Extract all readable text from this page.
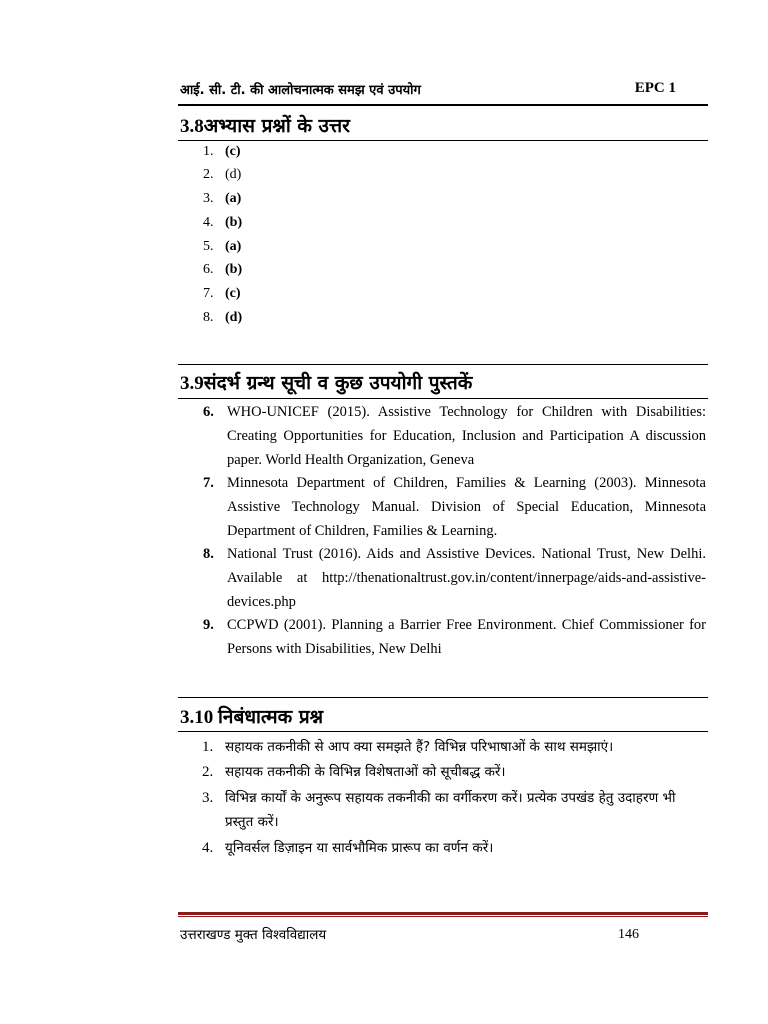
आई. सी. टी. की आलोचनात्मक समझ एवं उपयोग	EPC 1
3.8अभ्यास प्रश्नों के उत्तर
1. (c)
2. (d)
3. (a)
4. (b)
5. (a)
6. (b)
7. (c)
8. (d)
3.9संदर्भ ग्रन्थ सूची व कुछ उपयोगी पुस्तकें
6. WHO-UNICEF (2015). Assistive Technology for Children with Disabilities: Creating Opportunities for Education, Inclusion and Participation A discussion paper. World Health Organization, Geneva
7. Minnesota Department of Children, Families & Learning (2003). Minnesota Assistive Technology Manual. Division of Special Education, Minnesota Department of Children, Families & Learning.
8. National Trust (2016). Aids and Assistive Devices. National Trust, New Delhi. Available at http://thenationaltrust.gov.in/content/innerpage/aids-and-assistive-devices.php
9. CCPWD (2001). Planning a Barrier Free Environment. Chief Commissioner for Persons with Disabilities, New Delhi
3.10 निबंधात्मक प्रश्न
1. सहायक तकनीकी से आप क्या समझते हैं? विभिन्न परिभाषाओं के साथ समझाएं।
2. सहायक तकनीकी के विभिन्न विशेषताओं को सूचीबद्ध करें।
3. विभिन्न कार्यों के अनुरूप सहायक तकनीकी का वर्गीकरण करें। प्रत्येक उपखंड हेतु उदाहरण भी प्रस्तुत करें।
4. यूनिवर्सल डिज़ाइन या सार्वभौमिक प्रारूप का वर्णन करें।
उत्तराखण्ड मुक्त विश्वविद्यालय	146
